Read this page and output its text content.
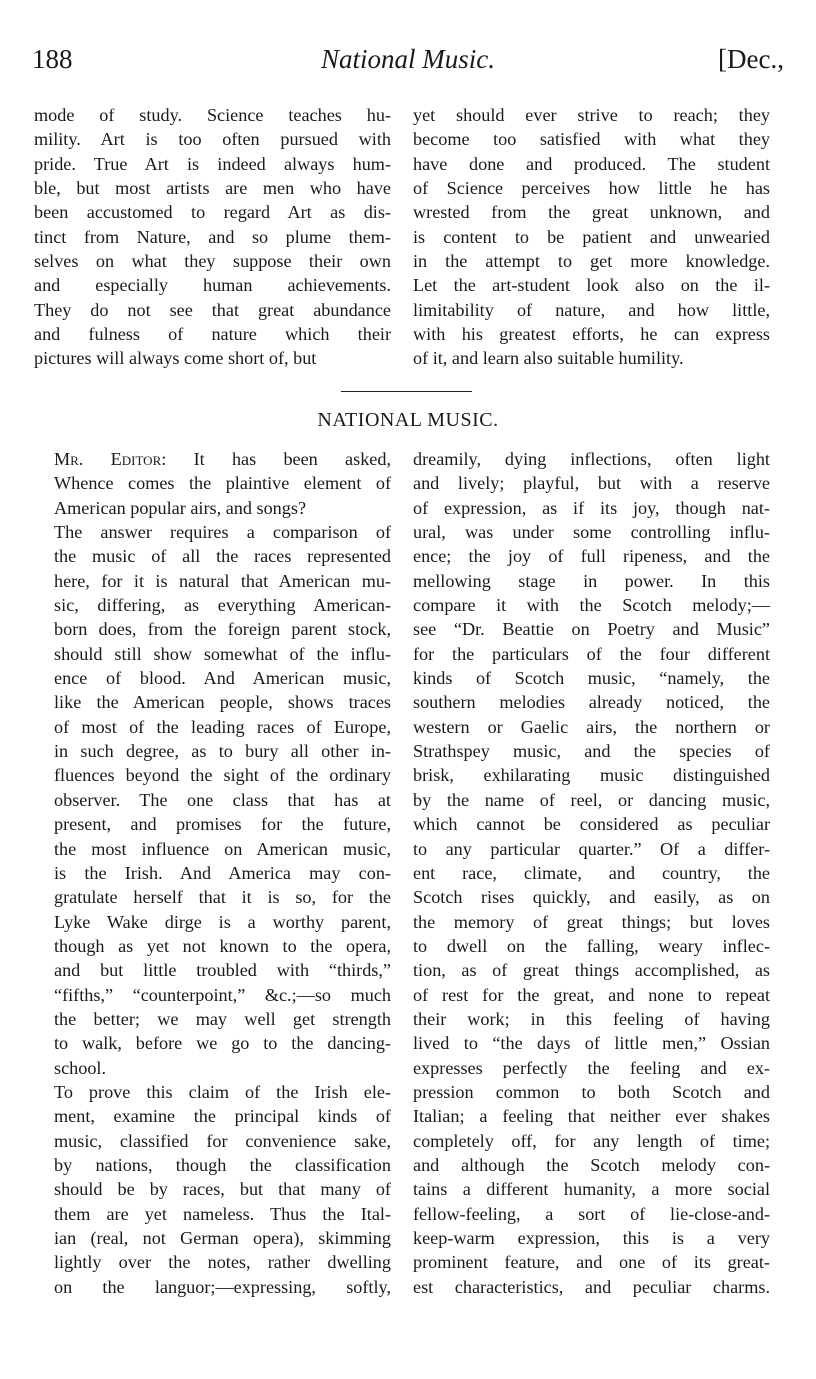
188	National Music.	[Dec.,

mode of study. Science teaches hu-
mility. Art is too often pursued with
pride. True Art is indeed always hum-
ble, but most artists are men who have
been accustomed to regard Art as dis-
tinct from Nature, and so plume them-
selves on what they suppose their own
and especially human achievements.
They do not see that great abundance
and fulness of nature which their
pictures will always come short of, but

yet should ever strive to reach; they
become too satisfied with what they
have done and produced. The student
of Science perceives how little he has
wrested from the great unknown, and
is content to be patient and unwearied
in the attempt to get more knowledge.
Let the art-student look also on the il-
limitability of nature, and how little,
with his greatest efforts, he can express
of it, and learn also suitable humility.

NATIONAL MUSIC.

Mr. Editor: It has been asked,
Whence comes the plaintive element of
American popular airs, and songs?

The answer requires a comparison of
the music of all the races represented
here, for it is natural that American mu-
sic, differing, as everything American-
born does, from the foreign parent stock,
should still show somewhat of the influ-
ence of blood. And American music,
like the American people, shows traces
of most of the leading races of Europe,
in such degree, as to bury all other in-
fluences beyond the sight of the ordinary
observer. The one class that has at
present, and promises for the future,
the most influence on American music,
is the Irish. And America may con-
gratulate herself that it is so, for the
Lyke Wake dirge is a worthy parent,
though as yet not known to the opera,
and but little troubled with “thirds,”
“fifths,” “counterpoint,” &c.;—so much
the better; we may well get strength
to walk, before we go to the dancing-
school.

To prove this claim of the Irish ele-
ment, examine the principal kinds of
music, classified for convenience sake,
by nations, though the classification
should be by races, but that many of
them are yet nameless. Thus the Ital-
ian (real, not German opera), skimming
lightly over the notes, rather dwelling
on the languor;—expressing, softly,

dreamily, dying inflections, often light
and lively; playful, but with a reserve
of expression, as if its joy, though nat-
ural, was under some controlling influ-
ence; the joy of full ripeness, and the
mellowing stage in power. In this
compare it with the Scotch melody;—
see “Dr. Beattie on Poetry and Music”
for the particulars of the four different
kinds of Scotch music, “namely, the
southern melodies already noticed, the
western or Gaelic airs, the northern or
Strathspey music, and the species of
brisk, exhilarating music distinguished
by the name of reel, or dancing music,
which cannot be considered as peculiar
to any particular quarter.” Of a differ-
ent race, climate, and country, the
Scotch rises quickly, and easily, as on
the memory of great things; but loves
to dwell on the falling, weary inflec-
tion, as of great things accomplished, as
of rest for the great, and none to repeat
their work; in this feeling of having
lived to “the days of little men,” Ossian
expresses perfectly the feeling and ex-
pression common to both Scotch and
Italian; a feeling that neither ever shakes
completely off, for any length of time;
and although the Scotch melody con-
tains a different humanity, a more social
fellow-feeling, a sort of lie-close-and-
keep-warm expression, this is a very
prominent feature, and one of its great-
est characteristics, and peculiar charms.
